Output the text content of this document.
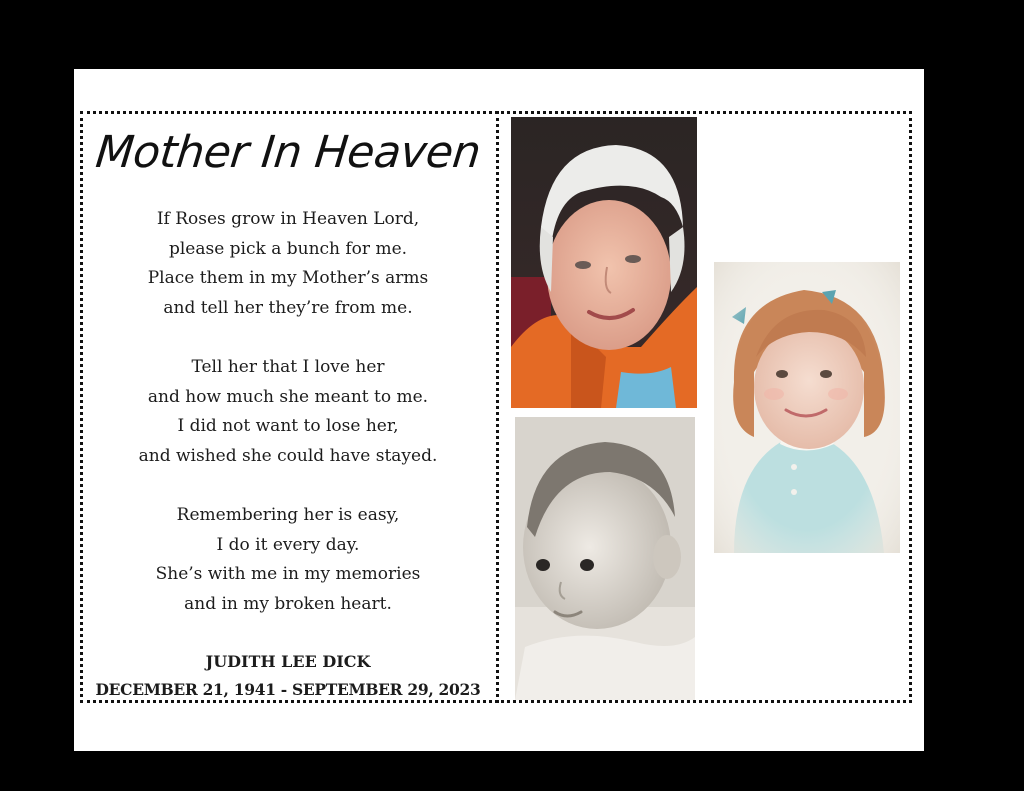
Mother In Heaven
If Roses grow in Heaven Lord,
please pick a bunch for me.
Place them in my Mother’s arms
and tell her they’re from me.
Tell her that I love her
and how much she meant to me.
I did not want to lose her,
and wished she could have stayed.
Remembering her is easy,
I do it every day.
She’s with me in my memories
and in my broken heart.
JUDITH LEE DICK
DECEMBER 21, 1941 - SEPTEMBER 29, 2023
